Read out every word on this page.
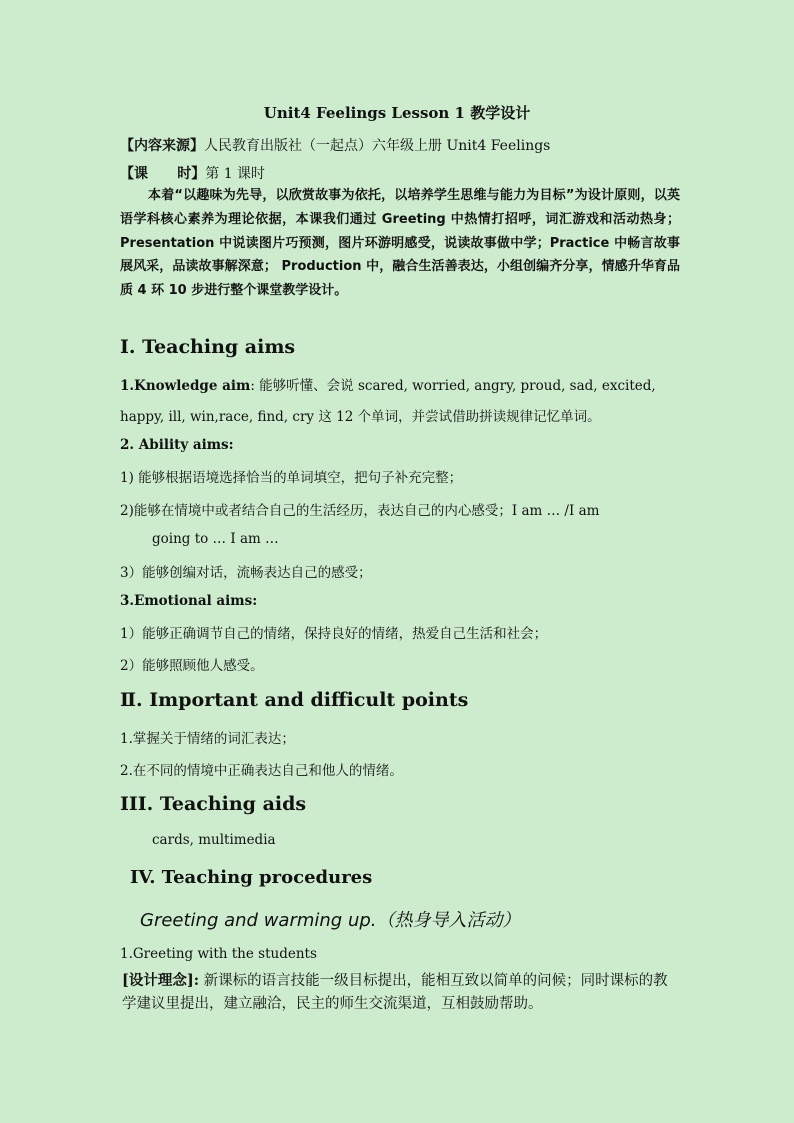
Unit4 Feelings Lesson 1 教学设计
【内容来源】人民教育出版社（一起点）六年级上册 Unit4 Feelings
【课      时】第 1 课时
本着“以趣味为先导，以欣赏故事为依托，以培养学生思维与能力为目标”为设计原则，以英语学科核心素养为理论依据，本课我们通过 Greeting 中热情打招呼，词汇游戏和活动热身；Presentation 中说读图片巧预测，图片环游明感受，说读故事做中学；Practice 中畅言故事展风采，品读故事解深意； Production 中，融合生活善表达，小组创编齐分享，情感升华育品质 4 环 10 步进行整个课堂教学设计。
Ⅰ. Teaching aims
1.Knowledge aim: 能够听懂、会说 scared, worried, angry, proud, sad, excited,
happy, ill, win,race, find, cry 这 12 个单词，并尝试借助拼读规律记忆单词。
2. Ability aims:
1) 能够根据语境选择恰当的单词填空，把句子补充完整；
2)能够在情境中或者结合自己的生活经历，表达自己的内心感受；I am … /I am
going to … I am …
3）能够创编对话，流畅表达自己的感受；
3.Emotional aims:
1）能够正确调节自己的情绪，保持良好的情绪，热爱自己生活和社会；
2）能够照顾他人感受。
Ⅱ. Important and difficult points
1.掌握关于情绪的词汇表达；
2.在不同的情境中正确表达自己和他人的情绪。
III. Teaching aids
cards, multimedia
IV. Teaching procedures
Greeting and warming up.（热身导入活动）
1.Greeting with the students
[设计理念]: 新课标的语言技能一级目标提出，能相互致以简单的问候；同时课标的教学建议里提出，建立融洽，民主的师生交流渠道，互相鼓励帮助。
